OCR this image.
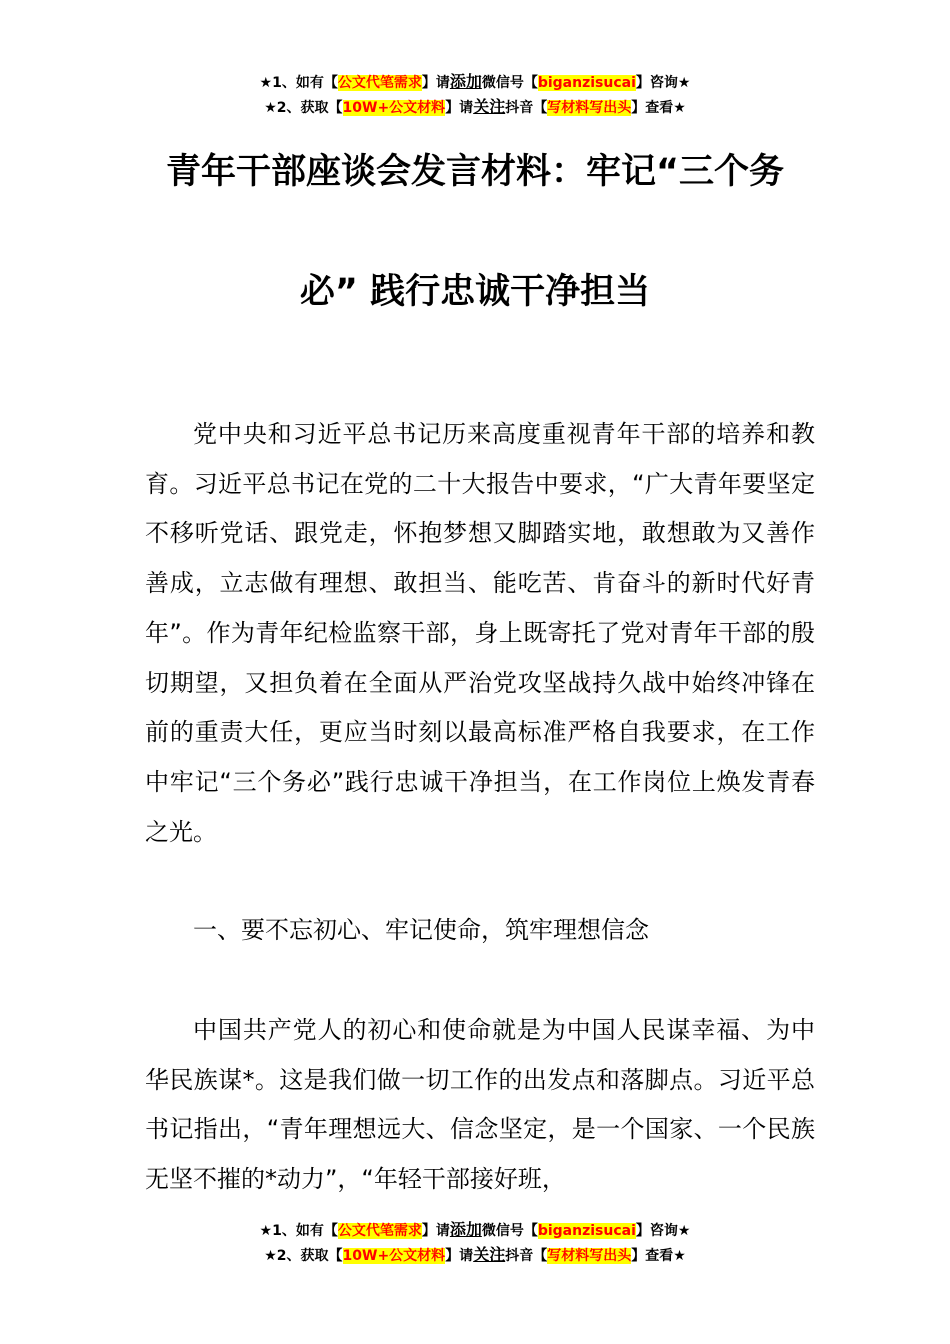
★1、如有【公文代笔需求】请添加微信号【biganzisucai】咨询★
★2、获取【10W+公文材料】请关注抖音【写材料写出头】查看★
青年干部座谈会发言材料：牢记“三个务
必” 践行忠诚干净担当

党中央和习近平总书记历来高度重视青年干部的培养和教育。习近平总书记在党的二十大报告中要求，“广大青年要坚定不移听党话、跟党走，怀抱梦想又脚踏实地，敢想敢为又善作善成，立志做有理想、敢担当、能吃苦、肯奋斗的新时代好青年”。作为青年纪检监察干部，身上既寄托了党对青年干部的殷切期望，又担负着在全面从严治党攻坚战持久战中始终冲锋在前的重责大任，更应当时刻以最高标准严格自我要求，在工作中牢记“三个务必”践行忠诚干净担当，在工作岗位上焕发青春之光。

一、要不忘初心、牢记使命，筑牢理想信念

中国共产党人的初心和使命就是为中国人民谋幸福、为中华民族谋*。这是我们做一切工作的出发点和落脚点。习近平总书记指出，“青年理想远大、信念坚定，是一个国家、一个民族无坚不摧的*动力”，“年轻干部接好班，

★1、如有【公文代笔需求】请添加微信号【biganzisucai】咨询★
★2、获取【10W+公文材料】请关注抖音【写材料写出头】查看★
